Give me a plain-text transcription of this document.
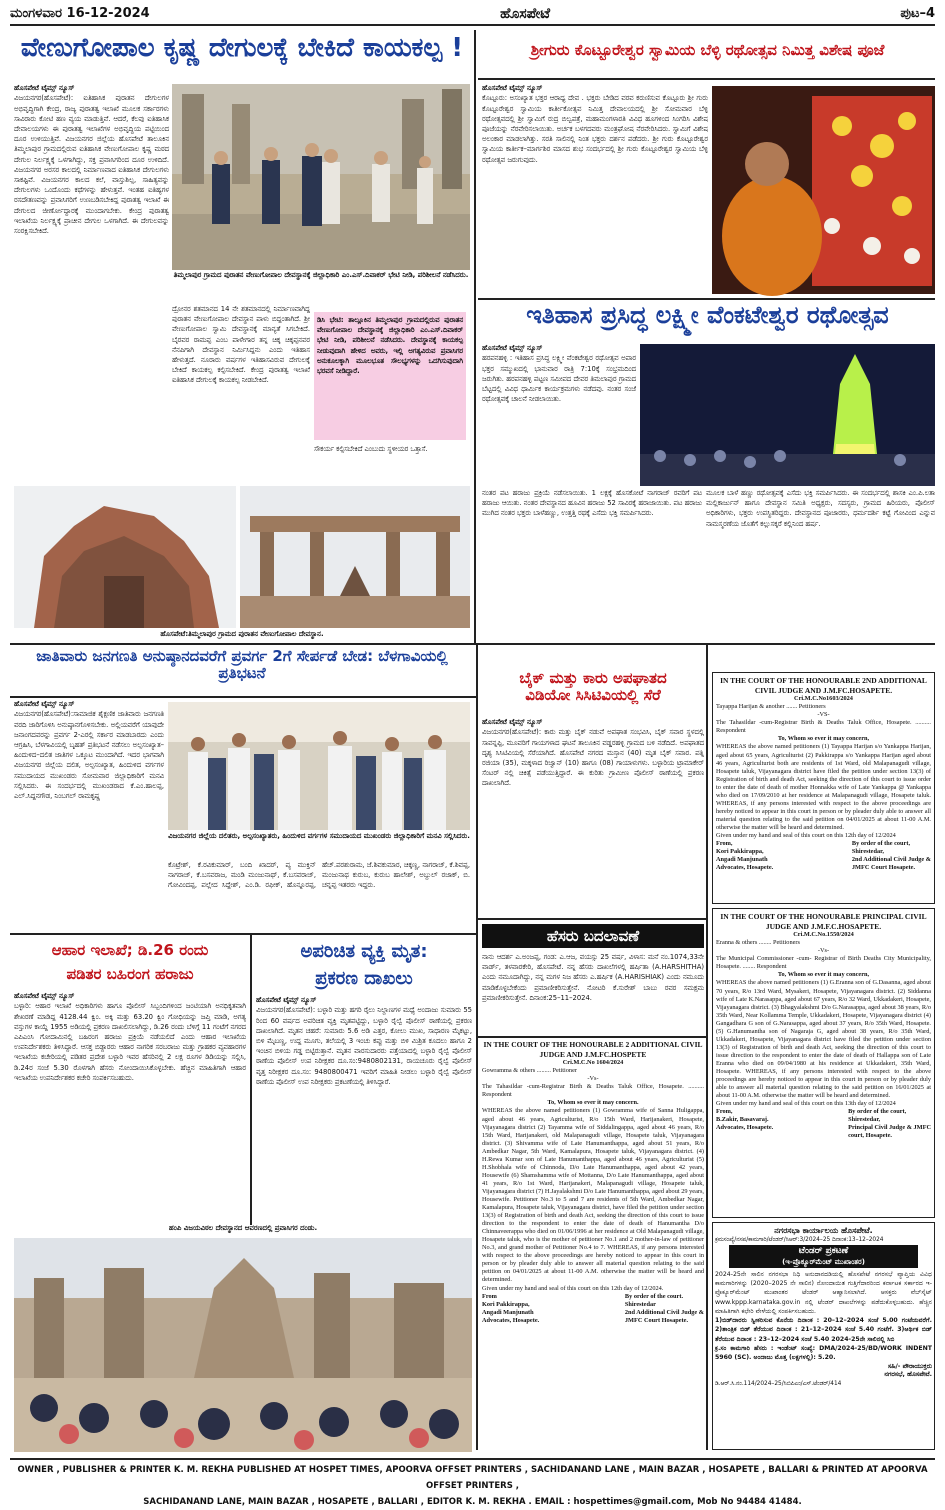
ಮಂಗಳವಾರ 16-12-2024	ಹೊಸಪೇಟೆ	ಪುಟ–4
ವೇಣುಗೋಪಾಲ ಕೃಷ್ಣ ದೇಗುಲಕ್ಕೆ ಬೇಕಿದೆ ಕಾಯಕಲ್ಪ !
ಹೊಸಪೇಟೆ ಟೈಮ್ಸ್ ನ್ಯೂಸ್
ವಿಜಯನಗರ(ಹೊಸಪೇಟೆ): ಐತಿಹಾಸಿಕ ಪುರಾತನ ದೇಗುಲಗಳ ಅಭಿವೃದ್ಧಿಗಾಗಿ ಕೇಂದ್ರ, ರಾಜ್ಯ ಪುರಾತತ್ವ ಇಲಾಖೆ ಮೂಲಕ ಸರ್ಕಾರಗಳು ಸಾವಿರಾರು ಕೋಟಿ ಹಣ ವ್ಯಯ ಮಾಡುತ್ತಿವೆ. ಆದರೆ, ಕೆಲವು ಐತಿಹಾಸಿಕ ದೇವಾಲಯಗಳು ಈ ಪುರಾತತ್ವ ಇಲಾಖೆಗಳ ಅಭಿವೃದ್ಧಿಯ ಪಟ್ಟಿಯಿಂದ ದೂರ ಉಳಿಯುತ್ತಿವೆ. ವಿಜಯನಗರ ಜಿಲ್ಲೆಯ ಹೊಸಪೇಟೆ ತಾಲೂಕಿನ ತಿಮ್ಮಲಾಪುರ ಗ್ರಾಮದಲ್ಲಿರುವ ಐತಿಹಾಸಿಕ ವೇಣುಗೋಪಾಲ ಕೃಷ್ಣ ಮಠದ ದೇಗುಲ ನಿರ್ಲಕ್ಷ್ಯಕ್ಕೆ ಒಳಗಾಗಿದ್ದು, ಸಕ್ತ ಪ್ರವಾಸಿಗರಿಂದ ದೂರ ಉಳಿದಿದೆ. ವಿಜಯನಗರ ಅರಸರ ಕಾಲದಲ್ಲಿ ನಿರ್ಮಾಣವಾದ ಐತಿಹಾಸಿಕ ದೇಗುಲಗಳು ಸಾಕಷ್ಟಿವೆ. ವಿಜಯನಗರ ಕಾಲದ ಕಲೆ, ವಾಸ್ತುಶಿಲ್ಪ, ಸಾಹಿತ್ಯವನ್ನು ದೇಗುಲಗಳು ಒಂದೊಂದು ಕಥೆಗಳನ್ನು ಹೇಳುತ್ತವೆ. ಇಂತಹ ಐತಿಹ್ಯಗಳ ರಸದೌತಣವನ್ನು ಪ್ರವಾಸಿಗರಿಗೆ ಉಣಬಡಿಸಬೇಕಿದ್ದ ಪುರಾತತ್ವ ಇಲಾಖೆ ಈ ದೇಗುಲದ ಜೀರ್ಣೋದ್ಧಾರಕ್ಕೆ ಮುಂದಾಗಬೇಕು. ಕೇಂದ್ರ ಪುರಾತತ್ವ ಇಲಾಖೆಯ ನಿರ್ಲಕ್ಷ್ಯಕ್ಕೆ ಪ್ರಾಚೀನ ದೇಗುಲ ಒಳಗಾಗಿದೆ. ಈ ದೇಗುಲವನ್ನು ಸಂರಕ್ಷಿಸಬೇಕಿದೆ.
ತಿಮ್ಮಲಾಪುರ ಗ್ರಾಮದ ಪುರಾತನ ವೇಣುಗೋಪಾಲ ದೇವಸ್ಥಾನಕ್ಕೆ ಜಿಲ್ಲಾಧಿಕಾರಿ ಎಂ.ಎಸ್.ದಿವಾಕರ್ ಭೇಟಿ ನೀಡಿ, ಪರಿಶೀಲನೆ ನಡೆಸಿದರು.
ದ್ರೋನರ ಶತಮಾನದ 14 ನೇ ಶತಮಾನದಲ್ಲಿ ನಿರ್ಮಾಣವಾಗಿದ್ದ ಪುರಾತನ ವೇಣುಗೋಪಾಲ ದೇವಸ್ಥಾನ ಪಾಳು ಬಿದ್ದಂತಾಗಿದೆ. ಶ್ರೀ ವೇಣುಗೋಪಾಲ ಸ್ವಾಮಿ ದೇವಸ್ಥಾನಕ್ಕೆ ಮಾನ್ಯತೆ ಸಿಗಬೇಕಿದೆ. ಬೈರವರ ರಾಮಪ್ಪ ಎಂಬ ಪಾಳೇಗಾರ ತನ್ನ ಚಿಕ್ಕ ಚಿಕ್ಕಪ್ಪನವರ ನೆನಪಿಗಾಗಿ ದೇವಸ್ಥಾನ ನಿರ್ಮಿಸಿದ್ದನು ಎಂದು ಇತಿಹಾಸ ಹೇಳುತ್ತದೆ. ನೂರಾರು ವರ್ಷಗಳ ಇತಿಹಾಸವಿರುವ ದೇಗುಲಕ್ಕೆ ಬೇಕಿದೆ ಕಾಯಕಲ್ಪ ಕಲ್ಪಿಸಬೇಕಿದೆ. ಕೇಂದ್ರ ಪುರಾತತ್ವ ಇಲಾಖೆ ಐತಿಹಾಸಿಕ ದೇಗುಲಕ್ಕೆ ಕಾಯಕಲ್ಪ ನೀಡಬೇಕಿದೆ.
ಡಿಸಿ ಭೇಟಿ: ತಾಲ್ಲೂಕಿನ ತಿಮ್ಮಲಾಪುರ ಗ್ರಾಮದಲ್ಲಿರುವ ಪುರಾತನ ವೇಣುಗೋಪಾಲ ದೇವಸ್ಥಾನಕ್ಕೆ ಜಿಲ್ಲಾಧಿಕಾರಿ ಎಂ.ಎಸ್.ದಿವಾಕರ್ ಭೇಟಿ ನೀಡಿ, ಪರಿಶೀಲನೆ ನಡೆಸಿದರು. ದೇವಸ್ಥಾನಕ್ಕೆ ಕಾಯಕಲ್ಪ ನೀಡುವುದಾಗಿ ಹೇಳಿದ ಅವರು, ಇಲ್ಲಿ ಅಗತ್ಯವಿರುವ ಪ್ರವಾಸಿಗರ ಅನುಕೂಲಕ್ಕಾಗಿ ಮೂಲಭೂತ ಸೌಲಭ್ಯಗಳನ್ನು ಒದಗಿಸುವುದಾಗಿ ಭರವಸೆ ನೀಡಿದ್ದಾರೆ.
ಸೌಕರ್ಯ ಕಲ್ಪಿಸಬೇಕಿದೆ ಎಂಬುದು ಸ್ಥಳೀಯರ ಒತ್ತಾಸೆ.
ಹೊಸಪೇಟೆ:ತಿಮ್ಮಲಾಪುರ ಗ್ರಾಮದ ಪುರಾತನ ವೇಣುಗೋಪಾಲ ದೇವಸ್ಥಾನ.
ಶ್ರೀಗುರು ಕೊಟ್ಟೂರೇಶ್ವರ ಸ್ವಾಮಿಯ ಬೆಳ್ಳಿ ರಥೋತ್ಸವ ನಿಮಿತ್ತ ವಿಶೇಷ ಪೂಜೆ
ಹೊಸಪೇಟೆ ಟೈಮ್ಸ್ ನ್ಯೂಸ್
ಕೊಟ್ಟೂರು: ಅಸಂಖ್ಯಾತ ಭಕ್ತರ ಆರಾಧ್ಯ ದೇವ . ಭಕ್ತರು ಬೇಡಿದ ವರವ ಕರುಣಿಸುವ ಕೊಟ್ಟೂರು ಶ್ರೀ ಗುರು ಕೊಟ್ಟೂರೇಶ್ವರ ಸ್ವಾಮಿಯ ಕಾರ್ತೀಕೋತ್ಸವ ನಿಮಿತ್ತ ದೇವಾಲಯದಲ್ಲಿ ಶ್ರೀ ಸೋಮವಾರ ಬೆಳ್ಳಿ ರಥೋತ್ಸವದಲ್ಲಿ ಶ್ರೀ ಸ್ವಾಮಿಗೆ ರುದ್ರ ಬಿಲ್ವಪತ್ರೆ, ಮಹಾಮಂಗಳಾರತಿ ವಿವಿಧ ಹೂಗಳಿಂದ ಸಿಂಗರಿಸಿ ವಿಶೇಷ ಪೂಜೆಯನ್ನು ನೆರವೇರಿಸಲಾಯಿತು. ಅರ್ಚಕ ಬಳಗದವರು ಮಂತ್ರಘೋಷ ನೆರವೇರಿಸಿದರು. ಸ್ವಾಮಿಗೆ ವಿಶೇಷ ಅಲಂಕಾರ ಮಾಡಲಾಗಿತ್ತು. ಸರತಿ ಸಾಲಿನಲ್ಲಿ ನಿಂತ ಭಕ್ತರು ದರ್ಶನ ಪಡೆದರು. ಶ್ರೀ ಗುರು ಕೊಟ್ಟೂರೇಶ್ವರ ಸ್ವಾಮಿಯ ಕಾರ್ತೀಕ–ಮಾರ್ಗಶಿರ ಮಾಸದ ಶುಭ ಸಂದರ್ಭದಲ್ಲಿ ಶ್ರೀ ಗುರು ಕೊಟ್ಟೂರೇಶ್ವರ ಸ್ವಾಮಿಯ ಬೆಳ್ಳಿ ರಥೋತ್ಸವ ಜರುಗುವುದು.
ಇತಿಹಾಸ ಪ್ರಸಿದ್ಧ ಲಕ್ಷ್ಮೀ ವೆಂಕಟೇಶ್ವರ ರಥೋತ್ಸವ
ಹೊಸಪೇಟೆ ಟೈಮ್ಸ್ ನ್ಯೂಸ್
ಹರಪನಹಳ್ಳಿ : ಇತಿಹಾಸ ಪ್ರಸಿದ್ಧ ಲಕ್ಷ್ಮೀ ವೆಂಕಟೇಶ್ವರ ರಥೋತ್ಸವ ಅಪಾರ ಭಕ್ತರ ಸಮ್ಮುಖದಲ್ಲಿ ಭಾನುವಾರ ರಾತ್ರಿ 7:10ಕ್ಕೆ ಸಂಭ್ರಮದಿಂದ ಜರುಗಿತು. ಹರಪನಹಳ್ಳಿ ಪಟ್ಟಣ ಸಮೀಪದ ದೇವರ ತಿಮಲಾಪುರ ಗ್ರಾಮದ ಬೆಟ್ಟದಲ್ಲಿ ವಿವಿಧ ಧಾರ್ಮಿಕ ಕಾರ್ಯಕ್ರಮಗಳು ನಡೆದವು. ನಂತರ ಸಂಜೆ ರಥೋತ್ಸವಕ್ಕೆ ಚಾಲನೆ ನೀಡಲಾಯಿತು.
ನಂತರ ಪಟ ಹರಾಜು ಪ್ರಕ್ರಿಯೆ ನಡೆಸಲಾಯಿತು. 1 ಲಕ್ಷಕ್ಕೆ ಹೊಸಕೋಟೆ ನಾಗರಾಜ್ ರವರಿಗೆ ಪಟ ಹರಾಜು ಆಯಿತು. ನಂತರ ದೇವಸ್ಥಾನದ ಹೂವಿನ ಹರಾಜು 52 ಸಾವಿರಕ್ಕೆ ಹರಾಜಾಯಿತು. ಪಟ ಹರಾಜು ಮುಗಿದ ನಂತರ ಭಕ್ತರು ಬಾಳೆಹಣ್ಣು, ಉತ್ತತ್ತಿ ರಥಕ್ಕೆ ಎಸೆದು ಭಕ್ತಿ ಸಮರ್ಪಿಸಿದರು.
ಮೂಲಕ ಬಾಳೆ ಹಣ್ಣು ರಥೋತ್ಸವಕ್ಕೆ ಎಸೆದು ಭಕ್ತಿ ಸಮರ್ಪಿಸಿದರು. ಈ ಸಂದರ್ಭದಲ್ಲಿ ಶಾಸಕಿ ಎಂ.ಪಿ.ಲತಾ ಮಲ್ಲಿಕಾರ್ಜುನ್ ಹಾಗೂ ದೇವಸ್ಥಾನ ಸಮಿತಿ ಅಧ್ಯಕ್ಷರು, ಸದಸ್ಯರು, ಗ್ರಾಮದ ಹಿರಿಯರು, ಪೊಲೀಸ್ ಅಧಿಕಾರಿಗಳು, ಭಕ್ತರು ಉಪಸ್ಥಿತರಿದ್ದರು. ದೇವಸ್ಥಾನದ ಪೂಜಾರರು, ಧರ್ಮದರ್ಶಿ ಕಟ್ಟೆ ಗೋವಿಂದ ಎನ್ನುವ ನಾಮಸ್ಮರಣೆಯ ಜೊತೆಗೆ ಕಲ್ಲುಸಕ್ಕರೆ ಕಲ್ಲಿನಿಂದ ಹರ್ಷ.
ಜಾತಿವಾರು ಜನಗಣತಿ ಅನುಷ್ಠಾನದವರೆಗೆ ಪ್ರವರ್ಗ 2ಗೆ ಸೇರ್ಪಡೆ ಬೇಡ: ಬೆಳಗಾವಿಯಲ್ಲಿ ಪ್ರತಿಭಟನೆ
ಹೊಸಪೇಟೆ ಟೈಮ್ಸ್ ನ್ಯೂಸ್
ವಿಜಯನಗರ(ಹೊಸಪೇಟೆ):ಸಾಮಾಜಿಕ ಶೈಕ್ಷಣಿಕ ಜಾತಿವಾರು ಜನಗಣತಿ ವರದಿ ಜಾರಿಗೊಳಿಸಿ ಅನುಷ್ಠಾನಗೊಳಿಸಬೇಕು. ಅಲ್ಲಿಯವರೆಗೆ ಯಾವುದೇ ಜನಾಂಗದವರನ್ನು ಪ್ರವರ್ಗ 2-ಎರಲ್ಲಿ ಸರ್ಕಾರ ಮಾಡಬಾರದು ಎಂದು ಆಗ್ರಹಿಸಿ, ಬೆಳಗಾವಿಯಲ್ಲಿ ಬೃಹತ್ ಪ್ರತಿಭಟನೆ ನಡೆಸಲು ಅಲ್ಪಸಂಖ್ಯಾತ–ಹಿಂದುಳಿದ–ದಲಿತ ಜಾತಿಗಳ ಒಕ್ಕೂಟ ಮುಂದಾಗಿದೆ. ಇದರ ಭಾಗವಾಗಿ ವಿಜಯನಗರ ಜಿಲ್ಲೆಯ ದಲಿತ, ಅಲ್ಪಸಂಖ್ಯಾತ, ಹಿಂದುಳಿದ ವರ್ಗಗಳ ಸಮುದಾಯದ ಮುಖಂಡರು ಸೋಮವಾರ ಜಿಲ್ಲಾಧಿಕಾರಿಗೆ ಮನವಿ ಸಲ್ಲಿಸಿದರು. ಈ ಸಂದರ್ಭದಲ್ಲಿ ಮುಖಂಡರಾದ ಕೆ.ಎಂ.ಹಾಲಪ್ಪ, ಎಲ್.ಸಿದ್ದನಗೌಡ, ನಿಂಬಗಲ್ ರಾಮಕೃಷ್ಣ
ವಿಜಯನಗರ ಜಿಲ್ಲೆಯ ದಲಿತರು, ಅಲ್ಪಸಂಖ್ಯಾತರು, ಹಿಂದುಳಿದ ವರ್ಗಗಳ ಸಮುದಾಯದ ಮುಖಂಡರು ಜಿಲ್ಲಾಧಿಕಾರಿಗೆ ಮನವಿ ಸಲ್ಲಿಸಿದರು.
ಕೊಟ್ರೇಶ್, ಕೆ.ರವಿಕುಮಾರ್, ಬಂದಿ ಖಾದರ್, ಪ್ಯ ಮುಕ್ತಿನ್ ನಾಗರಾಜ್, ಕೆ.ಬಸವರಾಜ, ಮಂಡಿ ಮಂಜುನಾಥ್, ಕೆ.ಬಸವರಾಜ್, ಗೋವಿಂದಪ್ಪ, ಪಲ್ಲೇದ ಸಿದ್ದೇಶ್, ಎಂ.ಡಿ. ರಫೀಕ್, ಹೊನ್ನೂರಪ್ಪ, ಹೆಚ್.ಪರಶುರಾಮ, ಜೆ.ಶಿವಕುಮಾರ, ಚಿಕ್ಕಣ್ಣ, ನಾಗರಾಜ್, ಕೆ.ಶಿವಪ್ಪ, ಮಂಜುನಾಥ ಕುರುಬ, ಕುರುಬ ಹಾಲೇಶ್, ಅಬ್ದುಲ್ ರಜಾಕ್, ಬಿ. ಚನ್ನಪ್ಪ ಇತರರು ಇದ್ದರು.
ಬೈಕ್ ಮತ್ತು ಕಾರು ಅಪಘಾತದ
ವಿಡಿಯೋ ಸಿಸಿಟಿವಿಯಲ್ಲಿ ಸೆರೆ
ಹೊಸಪೇಟೆ ಟೈಮ್ಸ್ ನ್ಯೂಸ್
ವಿಜಯನಗರ(ಹೊಸಪೇಟೆ): ಕಾರು ಮತ್ತು ಬೈಕ್ ನಡುವೆ ಅಪಘಾತ ಸಂಭವಿಸಿ, ಬೈಕ್ ಸವಾರ ಸ್ಥಳದಲ್ಲಿ ಸಾವನ್ನಪ್ಪಿ, ಮೂವರಿಗೆ ಗಾಯಗಳಾದ ಘಟನೆ ತಾಲೂಕಿನ ವಡ್ಡರಹಳ್ಳಿ ಗ್ರಾಮದ ಬಳಿ ನಡೆದಿದೆ. ಅಪಘಾತದ ದೃಶ್ಯ ಸಿಸಿಟಿವಿಯಲ್ಲಿ ಸೆರೆಯಾಗಿದೆ. ಹೊಸಪೇಟೆ ನಗರದ ಮಸ್ತಾನ (40) ಮೃತ ಬೈಕ್ ಸವಾರ. ಪತ್ನಿ ರಜಿಯಾ (35), ಮಕ್ಕಳಾದ ರಿಜ್ವಾನ್ (10) ಹಾಗೂ (08) ಗಾಯಾಳುಗಳು. ಬಳ್ಳಾರಿಯ ಟ್ರಾಮಾಕೇರ್ ಸೆಂಟರ್ ನಲ್ಲಿ ಚಿಕಿತ್ಸೆ ಪಡೆಯುತ್ತಿದ್ದಾರೆ. ಈ ಕುರಿತು ಗ್ರಾಮೀಣ ಪೊಲೀಸ್ ಠಾಣೆಯಲ್ಲಿ ಪ್ರಕರಣ ದಾಖಲಾಗಿದೆ.
ಹೆಸರು ಬದಲಾವಣೆ
ನಾನು ಆದರ್ಶ ಎ.ಅಂಜಪ್ಪ, ಗಂಡ: ಎ.ಆಜ, ವಯಸ್ಸು 25 ವರ್ಷ, ವಿಳಾಸ: ಮನೆ ನಂ.1074,33ನೇ ವಾರ್ಡ್, ತಳವಾರಕೇರಿ, ಹೊಸಪೇಟೆ. ನನ್ನ ಹೆಸರು ದಾಖಲೆಗಳಲ್ಲಿ ಹರ್ಷಿತಾ (A.HARSHITHA) ಎಂದು ನಮೂದಾಗಿದ್ದು, ನನ್ನ ಮಗಳ ನಿಜ ಹೆಸರು ಎ.ಹರ್ಷಿಕ (A.HARISHIAK) ಎಂದು ನಮೂದು ಮಾಡಿಕೊಳ್ಳಬೇಕೆಂದು ಪ್ರಮಾಣೀಕರಿಸುತ್ತೇನೆ. ನೋಟರಿ ಕೆ.ಸುರೇಶ್ ಬಾಬು ರವರ ಸಮಕ್ಷಮ ಪ್ರಮಾಣೀಕರಿಸುತ್ತೇನೆ. ದಿನಾಂಕ:25–11–2024.
IN THE COURT OF THE HONOURABLE 2 ADDITIONAL CIVIL JUDGE AND J.M.FC.HOSPETE
Cri.M.C.No 1604/2024
Gowramma & others ......... Petitioner
-Vs-
The Tahasildar -cum-Registrar Birth & Deaths Taluk Office, Hosapete. .......... Respondent
To, Whom so ever it may concern.
WHEREAS the above named petitioners (1) Gowramma wife of Sanna Huligappa, aged about 46 years, Agriculturist, R/o 15th Ward, Harijanakeri, Hosapete, Vijayanagara district (2) Tayamma wife of Siddalingappa, aged about 46 years, R/o 15th Ward, Harijanakeri, old Malapanagudi village, Hosapete taluk, Vijayanagara district. (3) Shivamma wife of Late Hanumanthappa, aged about 51 years, R/o Ambedkar Nagar, 5th Ward, Kamalapura, Hosapete taluk, Vijayanagara district. (4) H.Rewa Kumar son of Late Hanumanthappa, aged about 46 years, Agriculturist (5) H.Shobhala wife of Chinnoda, D/o Late Hanumanthappa, aged about 42 years, Housewife (6) Shamshamma wife of Mottanna, D/o Late Hanumanthappa, aged about 41 years, R/o 1st Ward, Harijanakeri, Malapanagudi village, Hosapete taluk, Vijayanagara district (7) H.Jayalakshmi D/o Late Hanumanthappa, aged about 29 years, Housewife. Petitioner No.3 to 5 and 7 are residents of 5th Ward, Ambedkar Nagar, Kamalapura, Hosapete taluk, Vijayanagara district, have filed the petition under section 13(3) of Registration of birth and death Act, seeking the direction of this court to issue direction to the respondent to enter the date of death of Hanumantha D/o Chinnaveerappa who died on 01/06/1996 at her residence at Old Malapanagudi village, Hosapete taluk, who is the mother of petitioner No.1 and 2 mother-in-law of petitioner No.3, and grand mother of Petitioner No.4 to 7. WHEREAS, if any persons interested with respect to the above proceedings are hereby noticed to appear in this court in person or by pleader duly able to answer all material question relating to the said petition on 04/01/2025 at about 11-00 A.M. otherwise the matter will be heard and determined.
Given under my hand and seal of this court on this 12th day of 12/2024.
From
Kori Pakkirappa,
Angadi Manjunath
Advocates, Hosapete.
By order of the court.
Shirestedar
2nd Additional Civil Judge &
JMFC Court Hosapete.
IN THE COURT OF THE HONOURABLE 2ND ADDITIONAL CIVIL JUDGE AND J.M.FC.HOSAPETE.
Cri.M.C.No1603/2024
Tayappa Harijan & another ....... Petitioners
-VS-
The Tahasildar -cum-Registrar Birth & Deaths Taluk Office, Hosapete. .......... Respondent
To, Whom so ever it may concern,
WHEREAS the above named petitioners (1) Tayappa Harijan s/o Yankappa Harijan, aged about 65 years, Agriculturist (2) Pakkirappa s/o Yankappa Harijan aged about 46 years, Agriculturist both are residents of 1st Ward, old Malapanagudi village, Hosapete taluk, Vijayanagara district have filed the petition under section 13(3) of Registration of birth and death Act, seeking the direction of this court to issue order to enter the date of death of mother Honnakka wife of Late Yankappa @ Yankappa who died on 17/09/2010 at her residence at Malapanagudi village, Hosapete taluk. WHEREAS, if any persons interested with respect to the above proceedings are hereby noticed to appear in this court in person or by pleader duly able to answer all material question relating to the said petition on 04/01/2025 at about 11-00 A.M. otherwise the matter will be heard and determined.
Given under my hand and seal of this court on this 12th day of 12/2024
From,
Kori Pakkirappa,
Angadi Manjunath
Advocates, Hosapete.
By order of the court,
Shirestedar,
2nd Additional Civil Judge &
JMFC Court Hosapete.
IN THE COURT OF THE HONOURABLE PRINCIPAL CIVIL JUDGE AND J.M.F.C.HOSAPETE.
Cri.M.C.No.1550/2024
Eranna & others ........ Petitioners
-Vs-
The Municipal Commissioner -cum- Registrar of Birth Deaths City Municipality, Hosapete. ........ Respondent
To, Whom so ever it may concern,
WHEREAS the above named petitioners (1) G.Eranna son of G.Dasanna, aged about 70 years, R/o 13rd Ward, Mysakeri, Hosapete, Vijayanagara district. (2) Siddanna wife of Late K.Narasappa, aged about 67 years, R/o 32 Ward, Ukkadakeri, Hosapete, Vijayanagara district. (3) Bhagyalakshmi D/o G.Narasappa, aged about 38 years, R/o 35th Ward, Near Kollamma Temple, Ukkadakeri, Hosapete, Vijayanagara district (4) Gangadhara G son of G.Narasappa, aged about 37 years, R/o 35th Ward, Hosapete. (5) G.Hanumantha son of Nagaraja G, aged about 38 years, R/o 35th Ward, Ukkadakeri, Hosapete, Vijayanagara district have filed the petition under section 13(3) of Registration of birth and death Act, seeking the direction of this court to issue direction to the respondent to enter the date of death of Hallappa son of Late Eranna who died on 09/04/1980 at his residence at Ukkadakeri, 35th Ward, Hosapete. WHEREAS, if any persons interested with respect to the above proceedings are hereby noticed to appear in this court in person or by pleader duly able to answer all material question relating to the said petition on 16/01/2025 at about 11-00 A.M. otherwise the matter will be heard and determined.
Given under my hand and seal of this court on this 13th day of 12/2024
From,
B.Zakir, Basavaraj.
Advocates, Hosapete.
By order of the court,
Shirestedar,
Principal Civil Judge & JMFC
court, Hosapete.
ನಗರಸಭಾ ಕಾರ್ಯಾಲಯ ಹೊಸಪೇಟೆ.
ಕ್ರಮಸಂಖ್ಯೆ/ನಸಪ/ಕಾಮಗಾರಿ/ಟೆಂಡರ್/ಸಿಆರ್:3/2024–25 ದಿನಾಂಕ:13–12–2024
ಟೆಂಡರ್ ಪ್ರಕಟಣೆ
(ಇ-ಪ್ರೊಕ್ಯೂರ್‌ಮೆಂಟ್ ಮುಖಾಂತರ)
2024-25ನೇ ಸಾಲಿನ ನಗರಸಭಾ ನಿಧಿ ಅನುದಾನದಡಿಯಲ್ಲಿ ಹೊಸಪೇಟೆ ನಗರಸಭೆ ವ್ಯಾಪ್ತಿಯ ವಿವಿಧ ಕಾಮಗಾರಿಗಳನ್ನು (2020–2025 ನೇ ಸಾಲಿನ) ನೋಂದಾಯಿತ ಗುತ್ತಿಗೆದಾರರಿಂದ ಕರ್ನಾಟಕ ಸರ್ಕಾರದ ಇ-ಪ್ರೊಕ್ಯೂರ್‌ಮೆಂಟ್ ಮುಖಾಂತರ ಟೆಂಡರ್ ಆಹ್ವಾನಿಸಲಾಗಿದೆ. ಆಸಕ್ತರು ವೆಬ್‌ಸೈಟ್ www.kppp.karnataka.gov.in ನಲ್ಲಿ ಟೆಂಡರ್ ದಾಖಲೆಗಳನ್ನು ಪಡೆದುಕೊಳ್ಳಬಹುದು. ಹೆಚ್ಚಿನ ಮಾಹಿತಿಗಾಗಿ ಕಛೇರಿ ವೇಳೆಯಲ್ಲಿ ಸಂಪರ್ಕಿಸಬಹುದು.
1)ಬಿಡ್‌ದಾರರು ಸ್ವೀಕರಿಸುವ ಕೊನೆಯ ದಿನಾಂಕ : 20–12–2024 ಸಂಜೆ 5.00 ಗಂಟೆಯವರೆಗೆ. 2)ತಾಂತ್ರಿಕ ಬಿಡ್ ತೆರೆಯುವ ದಿನಾಂಕ : 21–12–2024 ಸಂಜೆ 5.40 ಗಂಟೆಗೆ. 3)ಆರ್ಥಿಕ ಬಿಡ್ ತೆರೆಯುವ ದಿನಾಂಕ : 23–12–2024 ಸಂಜೆ 5.40 2024-25ನೇ ಸಾಲಿನಲ್ಲಿ ಸಿಬಿ
ಕ್ರ.ಸಂ ಕಾಮಗಾರಿ ಹೆಸರು : ಇಂಡೆಂಟ್ ಸಂಖ್ಯೆ: DMA/2024-25/BD/WORK INDENT 5960 (SC). ಅಂದಾಜು ಮೊತ್ತ (ಲಕ್ಷಗಳಲ್ಲಿ): 5.20.
ಸಹಿ/- ಪೌರಾಯುಕ್ತರು
ನಗರಸಭೆ, ಹೊಸಪೇಟೆ.
ಡಿ.ಆರ್.ಸಿ.ನಂ.114/2024–25/ಸಿಬಿಪಿಎಂ/ಎಸ್.ಟೆಂಡರ್/414
ಆಹಾರ ಇಲಾಖೆ; ಡಿ.26 ರಂದು
ಪಡಿತರ ಬಹಿರಂಗ ಹರಾಜು
ಹೊಸಪೇಟೆ ಟೈಮ್ಸ್ ನ್ಯೂಸ್
ಬಳ್ಳಾರಿ: ಆಹಾರ ಇಲಾಖೆ ಅಧಿಕಾರಿಗಳು ಹಾಗೂ ಪೊಲೀಸ್ ಸಿಬ್ಬಂದಿಗಳಿಂದ ಜಂಟಿಯಾಗಿ ಅನಧಿಕೃತವಾಗಿ ಶೇಖರಣೆ ಮಾಡಿದ್ದ 4128.44 ಕ್ವಿಂ. ಅಕ್ಕಿ ಮತ್ತು 63.20 ಕ್ವಿಂ ಗೋಧಿಯನ್ನು ಜಪ್ತಿ ಮಾಡಿ, ಅಗತ್ಯ ವಸ್ತುಗಳ ಕಾಯ್ದೆ 1955 ಅಡಿಯಲ್ಲಿ ಪ್ರಕರಣ ದಾಖಲಿಸಲಾಗಿದ್ದು, ಡಿ.26 ರಂದು ಬೆಳಿಗ್ಗೆ 11 ಗಂಟೆಗೆ ನಗರದ ಎಪಿಎಂಸಿ ಗೋದಾಮಿನಲ್ಲಿ ಬಹಿರಂಗ ಹರಾಜು ಪ್ರಕ್ರಿಯೆ ನಡೆಯಲಿದೆ ಎಂದು ಆಹಾರ ಇಲಾಖೆಯ ಉಪನಿರ್ದೇಶಕರು ತಿಳಿಸಿದ್ದಾರೆ. ಆಸಕ್ತ ಬಿಡ್ದಾರರು ಆಹಾರ ನಾಗರಿಕ ಸರಬರಾಜು ಮತ್ತು ಗ್ರಾಹಕರ ವ್ಯವಹಾರಗಳ ಇಲಾಖೆಯ ಕಚೇರಿಯಲ್ಲಿ ಪಡಿತರ ಪ್ರದೇಶ ಬಳ್ಳಾರಿ ಇವರ ಹೆಸರಿನಲ್ಲಿ 2 ಲಕ್ಷ ರೂಗಳ ಡಿಡಿಯನ್ನು ಸಲ್ಲಿಸಿ, ಡಿ.24ರ ಸಂಜೆ 5.30 ರೊಳಗಾಗಿ ಹೆಸರು ನೋಂದಾಯಿಸಿಕೊಳ್ಳಬೇಕು. ಹೆಚ್ಚಿನ ಮಾಹಿತಿಗಾಗಿ ಆಹಾರ ಇಲಾಖೆಯ ಉಪನಿರ್ದೇಶಕರ ಕಚೇರಿ ಸಂಪರ್ಕಿಸಬಹುದು.
ಅಪರಿಚಿತ ವ್ಯಕ್ತಿ ಮೃತ:
ಪ್ರಕರಣ ದಾಖಲು
ಹೊಸಪೇಟೆ ಟೈಮ್ಸ್ ನ್ಯೂಸ್
ವಿಜಯನಗರ(ಹೊಸಪೇಟೆ): ಬಳ್ಳಾರಿ ಮತ್ತು ಹಗರಿ ರೈಲು ನಿಲ್ದಾಣಗಳ ಮಧ್ಯೆ ಅಂದಾಜು ಸುಮಾರು 55 ರಿಂದ 60 ವರ್ಷದ ಅಪರಿಚಿತ ವ್ಯಕ್ತಿ ಮೃತಪಟ್ಟಿದ್ದು, ಬಳ್ಳಾರಿ ರೈಲ್ವೆ ಪೊಲೀಸ್ ಠಾಣೆಯಲ್ಲಿ ಪ್ರಕರಣ ದಾಖಲಾಗಿದೆ. ಮೃತನ ಚಹರೆ: ಸುಮಾರು 5.6 ಅಡಿ ಎತ್ತರ, ಕೋಲು ಮುಖ, ಸಾಧಾರಣ ಮೈಕಟ್ಟು, ಬಿಳಿ ಮೈಬಣ್ಣ, ಉದ್ದ ಮೂಗು, ತಲೆಯಲ್ಲಿ 3 ಇಂಚು ಕಪ್ಪು ಮತ್ತು ಬಿಳಿ ಮಿಶ್ರಿತ ಕೂದಲು ಹಾಗೂ 2 ಇಂಚಿನ ಬಿಳಿಯ ಗಡ್ಡ ಬಿಟ್ಟಿರುತ್ತಾನೆ. ಮೃತನ ವಾರಸುದಾರರು ಪತ್ತೆಯಾದಲ್ಲಿ ಬಳ್ಳಾರಿ ರೈಲ್ವೆ ಪೊಲೀಸ್ ಠಾಣೆಯ ಪೊಲೀಸ್ ಉಪ ನಿರೀಕ್ಷಕರ ದೂ.ಸಂ:9480802131, ರಾಯಚೂರು ರೈಲ್ವೆ ಪೊಲೀಸ್ ವೃತ್ತ ನಿರೀಕ್ಷಕರ ದೂ.ಸಂ: 9480800471 ಇವರಿಗೆ ಮಾಹಿತಿ ನೀಡಲು ಬಳ್ಳಾರಿ ರೈಲ್ವೆ ಪೊಲೀಸ್ ಠಾಣೆಯ ಪೊಲೀಸ್ ಉಪ ನಿರೀಕ್ಷಕರು ಪ್ರಕಟಣೆಯಲ್ಲಿ ತಿಳಿಸಿದ್ದಾರೆ.
ಹಂಪಿ ವಿಜಯವಿಠಲ ದೇವಸ್ಥಾನದ ಆವರಣದಲ್ಲಿ ಪ್ರವಾಸಿಗರ ದಂಡು.
OWNER , PUBLISHER & PRINTER K. M. REKHA PUBLISHED AT HOSPET TIMES, APOORVA OFFSET PRINTERS , SACHIDANAND LANE , MAIN BAZAR , HOSAPETE , BALLARI & PRINTED AT APOORVA OFFSET PRINTERS ,
SACHIDANAND LANE, MAIN BAZAR , HOSAPETE , BALLARI , EDITOR K. M. REKHA . EMAIL : hospettimes@gmail.com, Mob No 94484 41484.
